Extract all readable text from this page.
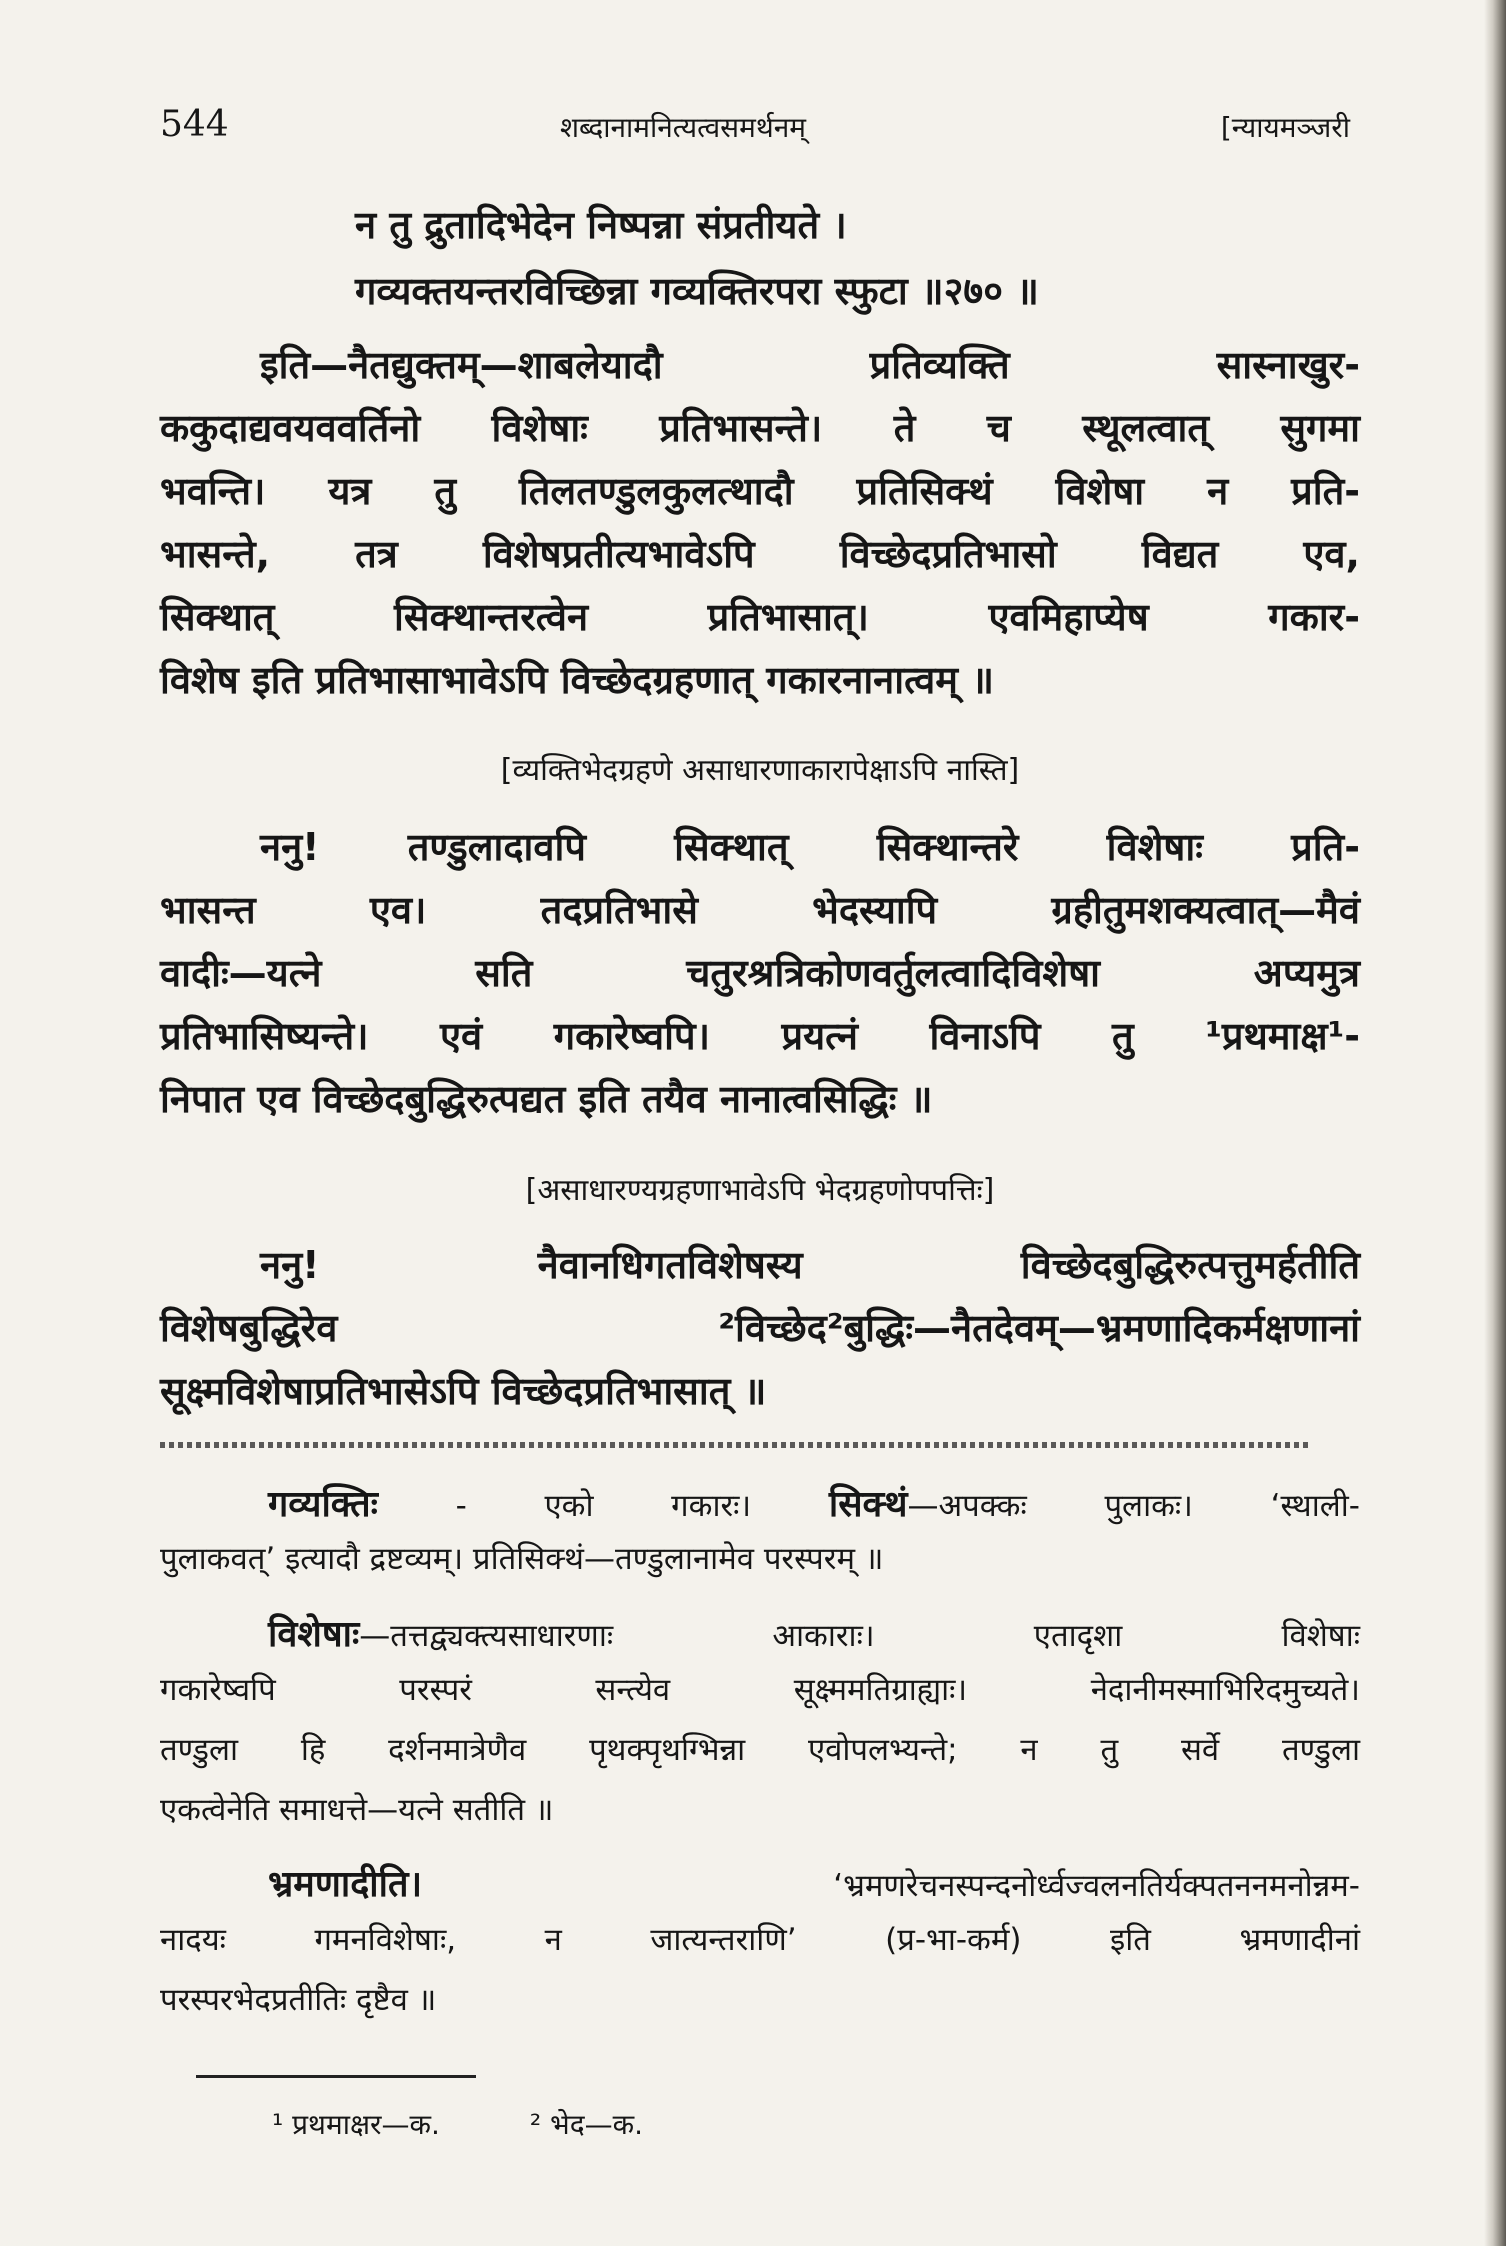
544	शब्दानामनित्यत्वसमर्थनम्	[न्यायमञ्जरी
न तु द्रुतादिभेदेन निष्पन्ना संप्रतीयते ।
गव्यक्तयन्तरविच्छिन्ना गव्यक्तिरपरा स्फुटा ॥२७० ॥
इति—नैतद्युक्तम्—शाबलेयादौ प्रतिव्यक्ति सास्नाखुर-
ककुदाद्यवयववर्तिनो विशेषाः प्रतिभासन्ते। ते च स्थूलत्वात् सुगमा
भवन्ति। यत्र तु तिलतण्डुलकुलत्थादौ प्रतिसिक्थं विशेषा न प्रति-
भासन्ते, तत्र विशेषप्रतीत्यभावेऽपि विच्छेदप्रतिभासो विद्यत एव,
सिक्थात् सिक्थान्तरत्वेन प्रतिभासात्। एवमिहाप्येष गकार-
विशेष इति प्रतिभासाभावेऽपि विच्छेदग्रहणात् गकारनानात्वम् ॥
[व्यक्तिभेदग्रहणे असाधारणाकारापेक्षाऽपि नास्ति]
ननु! तण्डुलादावपि सिक्थात् सिक्थान्तरे विशेषाः प्रति-
भासन्त एव। तदप्रतिभासे भेदस्यापि ग्रहीतुमशक्यत्वात्—मैवं
वादीः—यत्ने सति चतुरश्रत्रिकोणवर्तुलत्वादिविशेषा अप्यमुत्र
प्रतिभासिष्यन्ते। एवं गकारेष्वपि। प्रयत्नं विनाऽपि तु ¹प्रथमाक्ष¹-
निपात एव विच्छेदबुद्धिरुत्पद्यत इति तयैव नानात्वसिद्धिः ॥
[असाधारण्यग्रहणाभावेऽपि भेदग्रहणोपपत्तिः]
ननु! नैवानधिगतविशेषस्य विच्छेदबुद्धिरुत्पत्तुमर्हतीति
विशेषबुद्धिरेव ²विच्छेद²बुद्धिः—नैतदेवम्—भ्रमणादिकर्मक्षणानां
सूक्ष्मविशेषाप्रतिभासेऽपि विच्छेदप्रतिभासात् ॥
गव्यक्तिः - एको गकारः। सिक्थं—अपक्कः पुलाकः। ‘स्थाली-
पुलाकवत्’ इत्यादौ द्रष्टव्यम्। प्रतिसिक्थं—तण्डुलानामेव परस्परम् ॥
विशेषाः—तत्तद्व्यक्त्यसाधारणाः आकाराः। एतादृशा विशेषाः
गकारेष्वपि परस्परं सन्त्येव सूक्ष्ममतिग्राह्याः। नेदानीमस्माभिरिदमुच्यते।
तण्डुला हि दर्शनमात्रेणैव पृथक्पृथग्भिन्ना एवोपलभ्यन्ते; न तु सर्वे तण्डुला
एकत्वेनेति समाधत्ते—यत्ने सतीति ॥
भ्रमणादीति। ‘भ्रमणरेचनस्पन्दनोर्ध्वज्वलनतिर्यक्पतननमनोन्नम-
नादयः गमनविशेषाः, न जात्यन्तराणि’ (प्र-भा-कर्म) इति भ्रमणादीनां
परस्परभेदप्रतीतिः दृष्टैव ॥
¹ प्रथमाक्षर—क.	² भेद—क.
